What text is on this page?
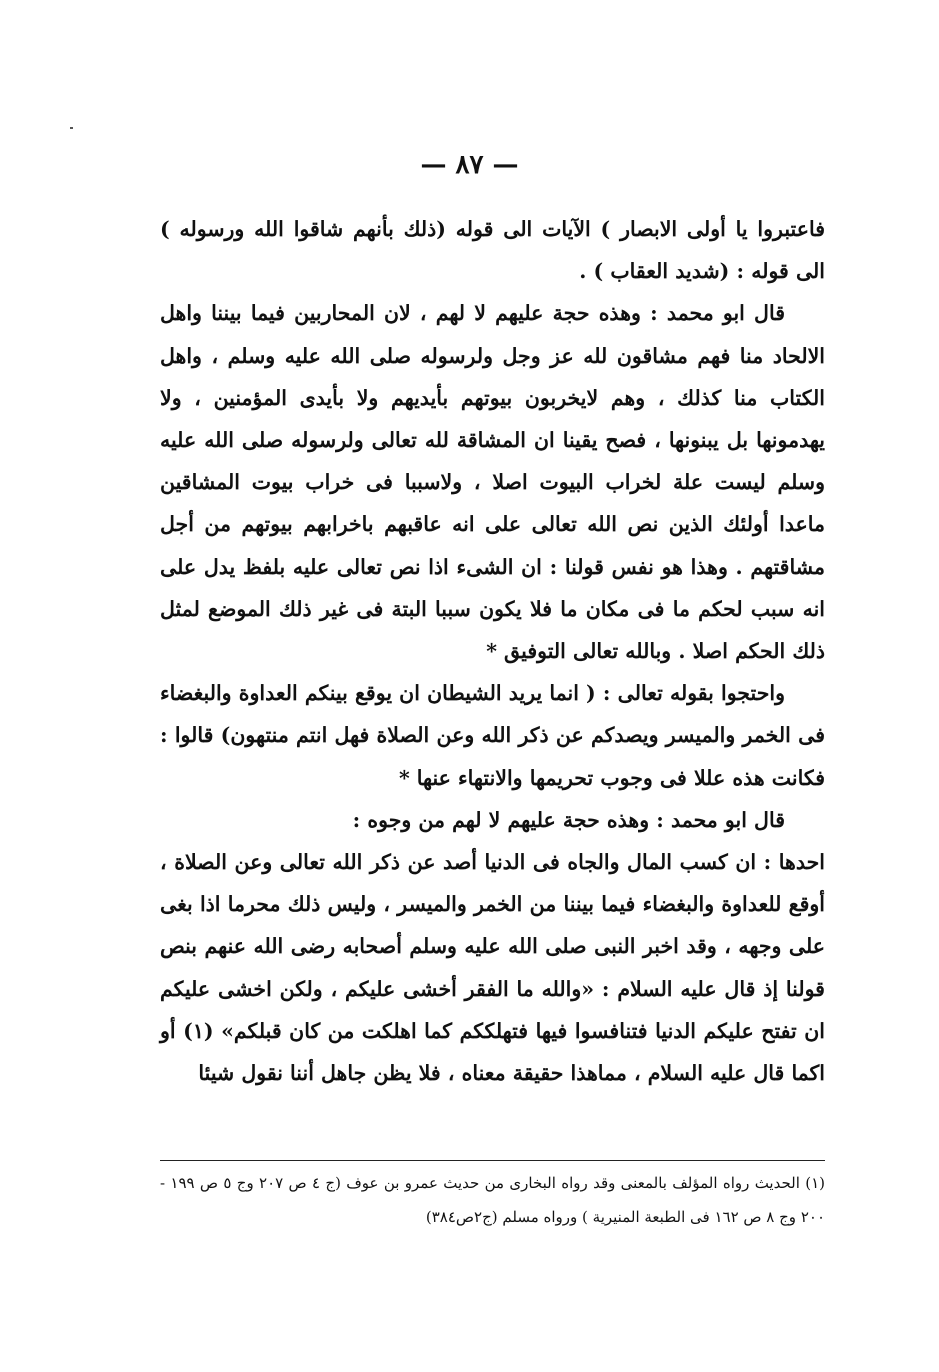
— ٨٧ —

فاعتبروا يا أولى الابصار ) الآيات الى قوله (ذلك بأنهم شاقوا الله ورسوله ) الى قوله : (شديد العقاب ) .

قال ابو محمد : وهذه حجة عليهم لا لهم ، لان المحاربين فيما بيننا واهل الالحاد منا فهم مشاقون لله عز وجل ولرسوله صلى الله عليه وسلم ، واهل الكتاب منا كذلك ، وهم لايخربون بيوتهم بأيديهم ولا بأيدى المؤمنين ، ولا يهدمونها بل يبنونها ، فصح يقينا ان المشاقة لله تعالى ولرسوله صلى الله عليه وسلم ليست علة لخراب البيوت اصلا ، ولاسببا فى خراب بيوت المشاقين ماعدا أولئك الذين نص الله تعالى على انه عاقبهم باخرابهم بيوتهم من أجل مشاقتهم . وهذا هو نفس قولنا : ان الشىء اذا نص تعالى عليه بلفظ يدل على انه سبب لحكم ما فى مكان ما فلا يكون سببا البتة فى غير ذلك الموضع لمثل ذلك الحكم اصلا . وبالله تعالى التوفيق *

واحتجوا بقوله تعالى : ( انما يريد الشيطان ان يوقع بينكم العداوة والبغضاء فى الخمر والميسر ويصدكم عن ذكر الله وعن الصلاة فهل انتم منتهون) قالوا : فكانت هذه عللا فى وجوب تحريمها والانتهاء عنها *

قال ابو محمد : وهذه حجة عليهم لا لهم من وجوه :

احدها : ان كسب المال والجاه فى الدنيا أصد عن ذكر الله تعالى وعن الصلاة ، أوقع للعداوة والبغضاء فيما بيننا من الخمر والميسر ، وليس ذلك محرما اذا بغى على وجهه ، وقد اخبر النبى صلى الله عليه وسلم أصحابه رضى الله عنهم بنص قولنا إذ قال عليه السلام : «والله ما الفقر أخشى عليكم ، ولكن اخشى عليكم ان تفتح عليكم الدنيا فتنافسوا فيها فتهلككم كما اهلكت من كان قبلكم» (١) أو اكما قال عليه السلام ، مماهذا حقيقة معناه ، فلا يظن جاهل أننا نقول شيئا

(١) الحديث رواه المؤلف بالمعنى وقد رواه البخارى من حديث عمرو بن عوف (ج ٤ ص ٢٠٧ وج ٥ ص ١٩٩ - ٢٠٠ وج ٨ ص ١٦٢ فى الطبعة المنيرية ) ورواه مسلم (ج٢ص٣٨٤)
